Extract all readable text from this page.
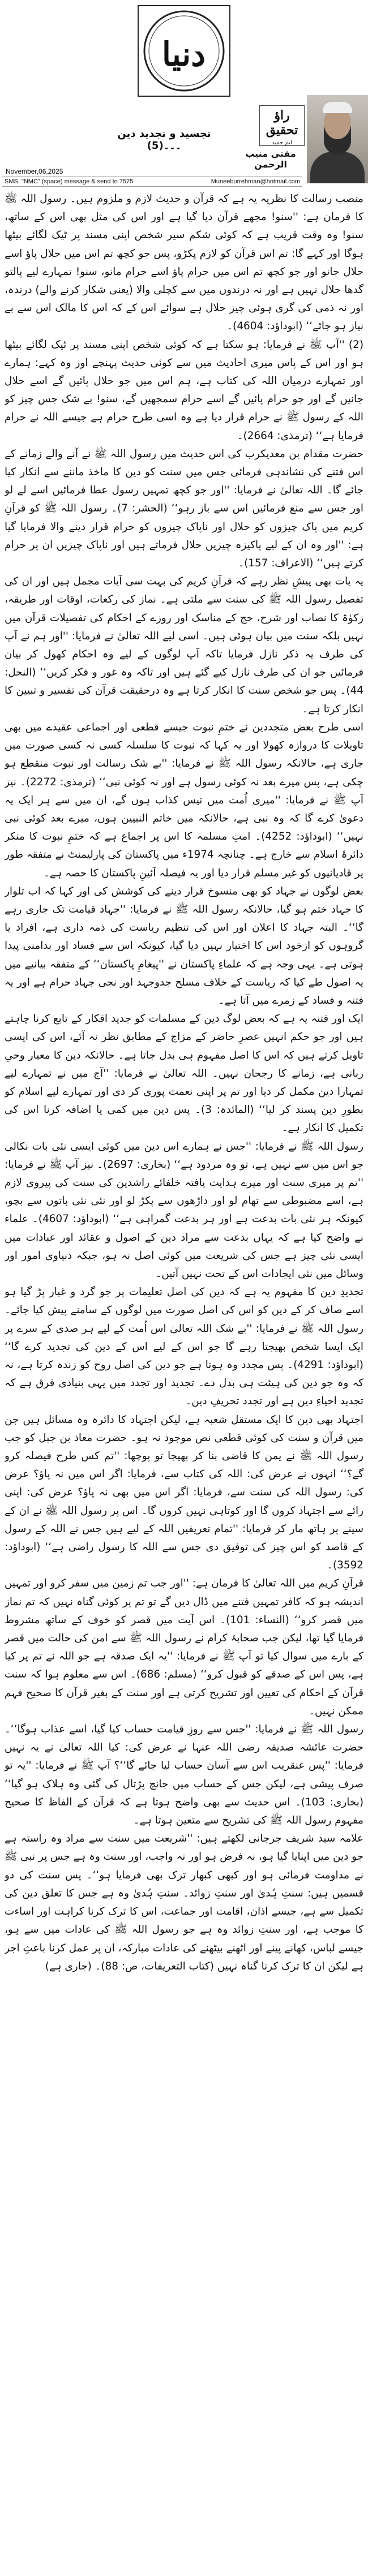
دنیا
راؤ تحقیق
ایم حمید
مفتی منیب الرحمن
تجسید و تجدید دین ۔۔۔(5)
November,06,2025
SMS: "NMC" (space) message & send to 7575	Muneeburrehman@hotmail.com

منصب رسالت کا نظریہ یہ ہے کہ قرآن و حدیث لازم و ملزوم ہیں۔ رسول اللہ ﷺ کا فرمان ہے: ''سنو! مجھے قرآن دیا گیا ہے اور اس کی مثل بھی اس کے ساتھ، سنو! وہ وقت قریب ہے کہ کوئی شکم سیر شخص اپنی مسند پر ٹیک لگائے بیٹھا ہوگا اور کہے گا: تم اس قرآن کو لازم پکڑو، پس جو کچھ تم اس میں حلال پاؤ اسے حلال جانو اور جو کچھ تم اس میں حرام پاؤ اسے حرام مانو، سنو! تمہارے لیے پالتو گدھا حلال نہیں ہے اور نہ درندوں میں سے کچلی والا (یعنی شکار کرنے والے) درندہ، اور نہ ذمی کی گری ہوئی چیز حلال ہے سوائے اس کے کہ اس کا مالک اس سے بے نیاز ہو جائے‘‘ (ابوداؤد: 4604)۔

(2) ''آپ ﷺ نے فرمایا: ہو سکتا ہے کہ کوئی شخص اپنی مسند پر ٹیک لگائے بیٹھا ہو اور اس کے پاس میری احادیث میں سے کوئی حدیث پہنچے اور وہ کہے: ہمارے اور تمہارے درمیان اللہ کی کتاب ہے، ہم اس میں جو حلال پائیں گے اسے حلال جانیں گے اور جو حرام پائیں گے اسے حرام سمجھیں گے، سنو! بے شک جس چیز کو اللہ کے رسول ﷺ نے حرام قرار دیا ہے وہ اسی طرح حرام ہے جیسے اللہ نے حرام فرمایا ہے‘‘ (ترمذی: 2664)۔

حضرت مقدام بن معدیکرب کی اس حدیث میں رسول اللہ ﷺ نے آنے والے زمانے کے اس فتنے کی نشاندہی فرمائی جس میں سنت کو دین کا ماخذ ماننے سے انکار کیا جائے گا۔ اللہ تعالیٰ نے فرمایا: ''اور جو کچھ تمہیں رسول عطا فرمائیں اسے لے لو اور جس سے منع فرمائیں اس سے باز رہو‘‘ (الحشر: 7)۔ رسول اللہ ﷺ کو قرآنِ کریم میں پاک چیزوں کو حلال اور ناپاک چیزوں کو حرام قرار دینے والا فرمایا گیا ہے: ''اور وہ ان کے لیے پاکیزہ چیزیں حلال فرماتے ہیں اور ناپاک چیزیں ان پر حرام کرتے ہیں‘‘ (الاعراف: 157)۔

یہ بات بھی پیشِ نظر رہے کہ قرآنِ کریم کی بہت سی آیات مجمل ہیں اور ان کی تفصیل رسول اللہ ﷺ کی سنت سے ملتی ہے۔ نماز کی رکعات، اوقات اور طریقہ، زکوٰۃ کا نصاب اور شرح، حج کے مناسک اور روزے کے احکام کی تفصیلات قرآن میں نہیں بلکہ سنت میں بیان ہوئی ہیں۔ اسی لیے اللہ تعالیٰ نے فرمایا: ''اور ہم نے آپ کی طرف یہ ذکر نازل فرمایا تاکہ آپ لوگوں کے لیے وہ احکام کھول کر بیان فرمائیں جو ان کی طرف نازل کیے گئے ہیں اور تاکہ وہ غور و فکر کریں‘‘ (النحل: 44)۔ پس جو شخص سنت کا انکار کرتا ہے وہ درحقیقت قرآن کی تفسیر و تبیین کا انکار کرتا ہے۔

اسی طرح بعض متجددین نے ختمِ نبوت جیسے قطعی اور اجماعی عقیدے میں بھی تاویلات کا دروازہ کھولا اور یہ کہا کہ نبوت کا سلسلہ کسی نہ کسی صورت میں جاری ہے، حالانکہ رسول اللہ ﷺ نے فرمایا: ''بے شک رسالت اور نبوت منقطع ہو چکی ہے، پس میرے بعد نہ کوئی رسول ہے اور نہ کوئی نبی‘‘ (ترمذی: 2272)۔ نیز آپ ﷺ نے فرمایا: ''میری اُمت میں تیس کذاب ہوں گے، ان میں سے ہر ایک یہ دعویٰ کرے گا کہ وہ نبی ہے، حالانکہ میں خاتم النبیین ہوں، میرے بعد کوئی نبی نہیں‘‘ (ابوداؤد: 4252)۔ امتِ مسلمہ کا اس پر اجماع ہے کہ ختمِ نبوت کا منکر دائرۂ اسلام سے خارج ہے۔ چنانچہ 1974ء میں پاکستان کی پارلیمنٹ نے متفقہ طور پر قادیانیوں کو غیر مسلم قرار دیا اور یہ فیصلہ آئینِ پاکستان کا حصہ ہے۔

بعض لوگوں نے جہاد کو بھی منسوخ قرار دینے کی کوشش کی اور کہا کہ اب تلوار کا جہاد ختم ہو گیا، حالانکہ رسول اللہ ﷺ نے فرمایا: ''جہاد قیامت تک جاری رہے گا‘‘۔ البتہ جہاد کا اعلان اور اس کی تنظیم ریاست کی ذمہ داری ہے، افراد یا گروہوں کو ازخود اس کا اختیار نہیں دیا گیا، کیونکہ اس سے فساد اور بدامنی پیدا ہوتی ہے۔ یہی وجہ ہے کہ علماءِ پاکستان نے ''پیغامِ پاکستان‘‘ کے متفقہ بیانیے میں یہ اصول طے کیا کہ ریاست کے خلاف مسلح جدوجہد اور نجی جہاد حرام ہے اور یہ فتنہ و فساد کے زمرے میں آتا ہے۔

ایک اور فتنہ یہ ہے کہ بعض لوگ دین کے مسلمات کو جدید افکار کے تابع کرنا چاہتے ہیں اور جو حکم انہیں عصرِ حاضر کے مزاج کے مطابق نظر نہ آئے، اس کی ایسی تاویل کرتے ہیں کہ اس کا اصل مفہوم ہی بدل جاتا ہے۔ حالانکہ دین کا معیار وحیِ ربانی ہے، زمانے کا رجحان نہیں۔ اللہ تعالیٰ نے فرمایا: ''آج میں نے تمہارے لیے تمہارا دین مکمل کر دیا اور تم پر اپنی نعمت پوری کر دی اور تمہارے لیے اسلام کو بطورِ دین پسند کر لیا‘‘ (المائدہ: 3)۔ پس دین میں کمی یا اضافہ کرنا اس کی تکمیل کا انکار ہے۔

رسول اللہ ﷺ نے فرمایا: ''جس نے ہمارے اس دین میں کوئی ایسی نئی بات نکالی جو اس میں سے نہیں ہے، تو وہ مردود ہے‘‘ (بخاری: 2697)۔ نیز آپ ﷺ نے فرمایا: ''تم پر میری سنت اور میرے ہدایت یافتہ خلفائے راشدین کی سنت کی پیروی لازم ہے، اسے مضبوطی سے تھام لو اور داڑھوں سے پکڑ لو اور نئی نئی باتوں سے بچو، کیونکہ ہر نئی بات بدعت ہے اور ہر بدعت گمراہی ہے‘‘ (ابوداؤد: 4607)۔ علماء نے واضح کیا ہے کہ یہاں بدعت سے مراد دین کے اصول و عقائد اور عبادات میں ایسی نئی چیز ہے جس کی شریعت میں کوئی اصل نہ ہو، جبکہ دنیاوی امور اور وسائل میں نئی ایجادات اس کے تحت نہیں آتیں۔

تجدیدِ دین کا مفہوم یہ ہے کہ دین کی اصل تعلیمات پر جو گرد و غبار پڑ گیا ہو اسے صاف کر کے دین کو اس کی اصل صورت میں لوگوں کے سامنے پیش کیا جائے۔ رسول اللہ ﷺ نے فرمایا: ''بے شک اللہ تعالیٰ اس اُمت کے لیے ہر صدی کے سرے پر ایک ایسا شخص بھیجتا رہے گا جو اس کے لیے اس کے دین کی تجدید کرے گا‘‘ (ابوداؤد: 4291)۔ پس مجدد وہ ہوتا ہے جو دین کی اصل روح کو زندہ کرتا ہے، نہ کہ وہ جو دین کی ہیئت ہی بدل دے۔ تجدید اور تجدد میں یہی بنیادی فرق ہے کہ تجدید احیاءِ دین ہے اور تجدد تحریفِ دین۔

اجتہاد بھی دین کا ایک مستقل شعبہ ہے، لیکن اجتہاد کا دائرہ وہ مسائل ہیں جن میں قرآن و سنت کی کوئی قطعی نص موجود نہ ہو۔ حضرت معاذ بن جبل کو جب رسول اللہ ﷺ نے یمن کا قاضی بنا کر بھیجا تو پوچھا: ''تم کس طرح فیصلہ کرو گے؟‘‘ انہوں نے عرض کی: اللہ کی کتاب سے، فرمایا: اگر اس میں نہ پاؤ؟ عرض کی: رسول اللہ کی سنت سے، فرمایا: اگر اس میں بھی نہ پاؤ؟ عرض کی: اپنی رائے سے اجتہاد کروں گا اور کوتاہی نہیں کروں گا۔ اس پر رسول اللہ ﷺ نے ان کے سینے پر ہاتھ مار کر فرمایا: ''تمام تعریفیں اللہ کے لیے ہیں جس نے اللہ کے رسول کے قاصد کو اس چیز کی توفیق دی جس سے اللہ کا رسول راضی ہے‘‘ (ابوداؤد: 3592)۔

قرآنِ کریم میں اللہ تعالیٰ کا فرمان ہے: ''اور جب تم زمین میں سفر کرو اور تمہیں اندیشہ ہو کہ کافر تمہیں فتنے میں ڈال دیں گے تو تم پر کوئی گناہ نہیں کہ تم نماز میں قصر کرو‘‘ (النساء: 101)۔ اس آیت میں قصر کو خوف کے ساتھ مشروط فرمایا گیا تھا، لیکن جب صحابۂ کرام نے رسول اللہ ﷺ سے امن کی حالت میں قصر کے بارے میں سوال کیا تو آپ ﷺ نے فرمایا: ''یہ ایک صدقہ ہے جو اللہ نے تم پر کیا ہے، پس اس کے صدقے کو قبول کرو‘‘ (مسلم: 686)۔ اس سے معلوم ہوا کہ سنت قرآن کے احکام کی تعیین اور تشریح کرتی ہے اور سنت کے بغیر قرآن کا صحیح فہم ممکن نہیں۔

رسول اللہ ﷺ نے فرمایا: ''جس سے روزِ قیامت حساب کیا گیا، اسے عذاب ہوگا‘‘۔ حضرت عائشہ صدیقہ رضی اللہ عنہا نے عرض کی: کیا اللہ تعالیٰ نے یہ نہیں فرمایا: ''پس عنقریب اس سے آسان حساب لیا جائے گا‘‘؟ آپ ﷺ نے فرمایا: ''یہ تو صرف پیشی ہے، لیکن جس کے حساب میں جانچ پڑتال کی گئی وہ ہلاک ہو گیا‘‘ (بخاری: 103)۔ اس حدیث سے بھی واضح ہوتا ہے کہ قرآن کے الفاظ کا صحیح مفہوم رسول اللہ ﷺ کی تشریح سے متعین ہوتا ہے۔

علامہ سید شریف جرجانی لکھتے ہیں: ''شریعت میں سنت سے مراد وہ راستہ ہے جو دین میں اپنایا گیا ہو، نہ فرض ہو اور نہ واجب، اور سنت وہ ہے جس پر نبی ﷺ نے مداومت فرمائی ہو اور کبھی کبھار ترک بھی فرمایا ہو‘‘۔ پس سنت کی دو قسمیں ہیں: سنتِ ہُدیٰ اور سنتِ زوائد۔ سنتِ ہُدیٰ وہ ہے جس کا تعلق دین کی تکمیل سے ہے، جیسے اذان، اقامت اور جماعت، اس کا ترک کرنا کراہت اور اساءت کا موجب ہے، اور سنتِ زوائد وہ ہے جو رسول اللہ ﷺ کی عادات میں سے ہو، جیسے لباس، کھانے پینے اور اٹھنے بیٹھنے کی عادات مبارکہ، ان پر عمل کرنا باعثِ اجر ہے لیکن ان کا ترک کرنا گناہ نہیں (کتاب التعریفات، ص: 88)۔ (جاری ہے)
